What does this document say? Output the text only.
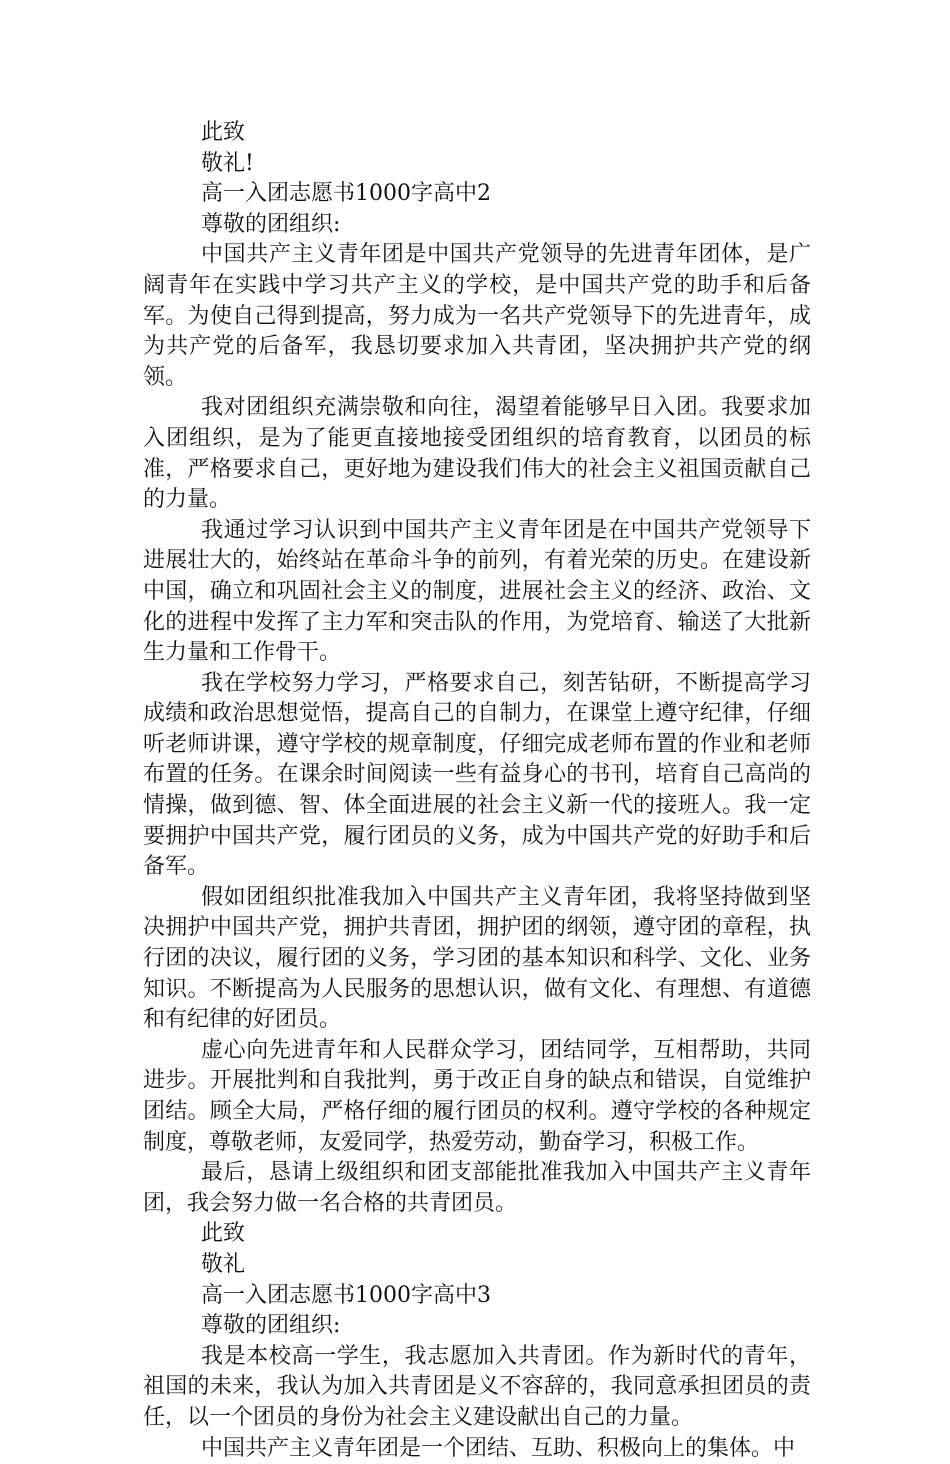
此致

敬礼!

高一入团志愿书1000字高中2

尊敬的团组织:

中国共产主义青年团是中国共产党领导的先进青年团体，是广阔青年在实践中学习共产主义的学校，是中国共产党的助手和后备军。为使自己得到提高，努力成为一名共产党领导下的先进青年，成为共产党的后备军，我恳切要求加入共青团，坚决拥护共产党的纲领。

我对团组织充满崇敬和向往，渴望着能够早日入团。我要求加入团组织，是为了能更直接地接受团组织的培育教育，以团员的标准，严格要求自己，更好地为建设我们伟大的社会主义祖国贡献自己的力量。

我通过学习认识到中国共产主义青年团是在中国共产党领导下进展壮大的，始终站在革命斗争的前列，有着光荣的历史。在建设新中国，确立和巩固社会主义的制度，进展社会主义的经济、政治、文化的进程中发挥了主力军和突击队的作用，为党培育、输送了大批新生力量和工作骨干。

我在学校努力学习，严格要求自己，刻苦钻研，不断提高学习成绩和政治思想觉悟，提高自己的自制力，在课堂上遵守纪律，仔细听老师讲课，遵守学校的规章制度，仔细完成老师布置的作业和老师布置的任务。在课余时间阅读一些有益身心的书刊，培育自己高尚的情操，做到德、智、体全面进展的社会主义新一代的接班人。我一定要拥护中国共产党，履行团员的义务，成为中国共产党的好助手和后备军。

假如团组织批准我加入中国共产主义青年团，我将坚持做到坚决拥护中国共产党，拥护共青团，拥护团的纲领，遵守团的章程，执行团的决议，履行团的义务，学习团的基本知识和科学、文化、业务知识。不断提高为人民服务的思想认识，做有文化、有理想、有道德和有纪律的好团员。

虚心向先进青年和人民群众学习，团结同学，互相帮助，共同进步。开展批判和自我批判，勇于改正自身的缺点和错误，自觉维护团结。顾全大局，严格仔细的履行团员的权利。遵守学校的各种规定制度，尊敬老师，友爱同学，热爱劳动，勤奋学习，积极工作。

最后，恳请上级组织和团支部能批准我加入中国共产主义青年团，我会努力做一名合格的共青团员。

此致

敬礼

高一入团志愿书1000字高中3

尊敬的团组织:

我是本校高一学生，我志愿加入共青团。作为新时代的青年，祖国的未来，我认为加入共青团是义不容辞的，我同意承担团员的责任，以一个团员的身份为社会主义建设献出自己的力量。

中国共产主义青年团是一个团结、互助、积极向上的集体。中
